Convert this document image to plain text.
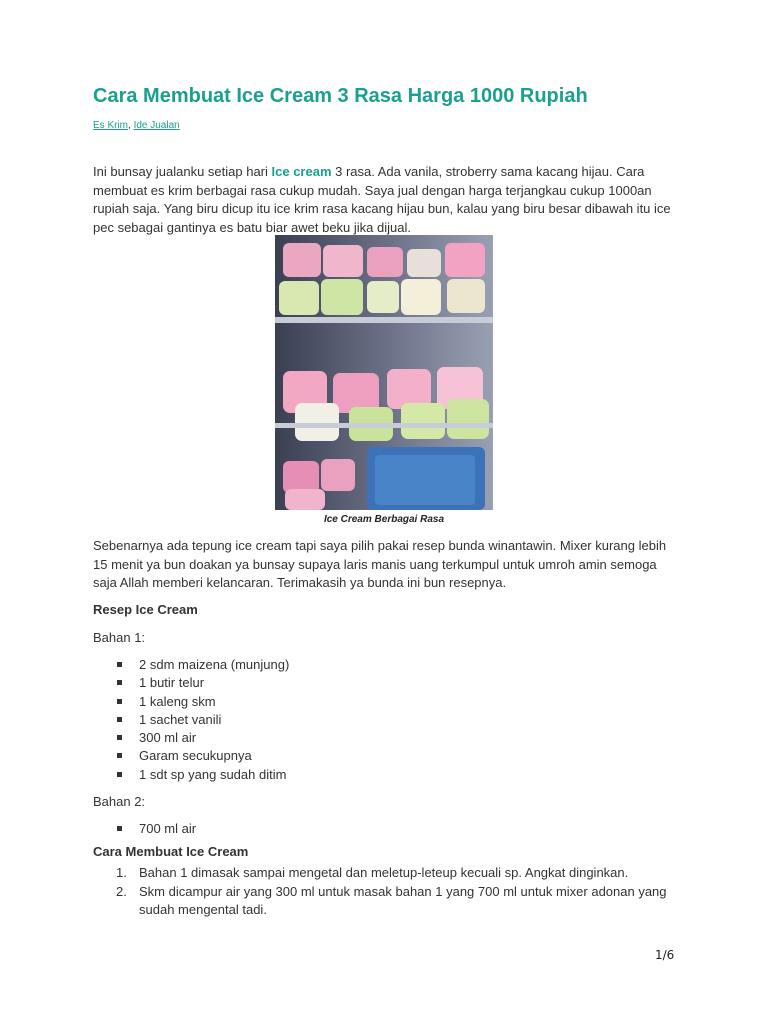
Cara Membuat Ice Cream 3 Rasa Harga 1000 Rupiah
Es Krim, Ide Jualan

Ini bunsay jualanku setiap hari Ice cream 3 rasa. Ada vanila, stroberry sama kacang hijau. Cara membuat es krim berbagai rasa cukup mudah. Saya jual dengan harga terjangkau cukup 1000an rupiah saja. Yang biru dicup itu ice krim rasa kacang hijau bun, kalau yang biru besar dibawah itu ice pec sebagai gantinya es batu biar awet beku jika dijual.

Ice Cream Berbagai Rasa

Sebenarnya ada tepung ice cream tapi saya pilih pakai resep bunda winantawin. Mixer kurang lebih 15 menit ya bun doakan ya bunsay supaya laris manis uang terkumpul untuk umroh amin semoga saja Allah memberi kelancaran. Terimakasih ya bunda ini bun resepnya.

Resep Ice Cream

Bahan 1:

2 sdm maizena (munjung)
1 butir telur
1 kaleng skm
1 sachet vanili
300 ml air
Garam secukupnya
1 sdt sp yang sudah ditim

Bahan 2:

700 ml air

Cara Membuat Ice Cream

1. Bahan 1 dimasak sampai mengetal dan meletup-leteup kecuali sp. Angkat dinginkan.
2. Skm dicampur air yang 300 ml untuk masak bahan 1 yang 700 ml untuk mixer adonan yang sudah mengental tadi.
1/6
